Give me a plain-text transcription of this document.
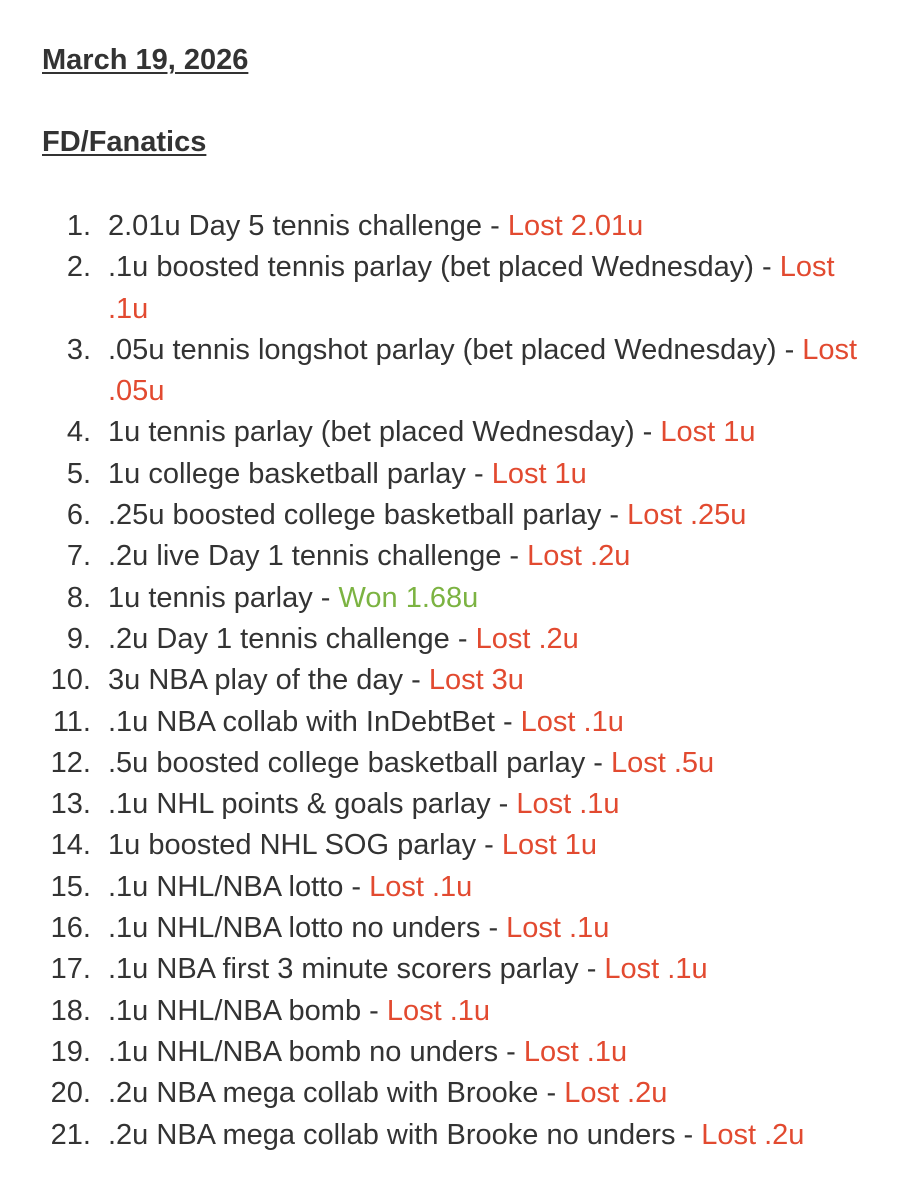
March 19, 2026
FD/Fanatics
1. 2.01u Day 5 tennis challenge - Lost 2.01u
2. .1u boosted tennis parlay (bet placed Wednesday) - Lost .1u
3. .05u tennis longshot parlay (bet placed Wednesday) - Lost .05u
4. 1u tennis parlay (bet placed Wednesday) - Lost 1u
5. 1u college basketball parlay - Lost 1u
6. .25u boosted college basketball parlay - Lost .25u
7. .2u live Day 1 tennis challenge - Lost .2u
8. 1u tennis parlay - Won 1.68u
9. .2u Day 1 tennis challenge - Lost .2u
10. 3u NBA play of the day - Lost 3u
11. .1u NBA collab with InDebtBet - Lost .1u
12. .5u boosted college basketball parlay - Lost .5u
13. .1u NHL points & goals parlay - Lost .1u
14. 1u boosted NHL SOG parlay - Lost 1u
15. .1u NHL/NBA lotto - Lost .1u
16. .1u NHL/NBA lotto no unders - Lost .1u
17. .1u NBA first 3 minute scorers parlay - Lost .1u
18. .1u NHL/NBA bomb - Lost .1u
19. .1u NHL/NBA bomb no unders - Lost .1u
20. .2u NBA mega collab with Brooke - Lost .2u
21. .2u NBA mega collab with Brooke no unders - Lost .2u
